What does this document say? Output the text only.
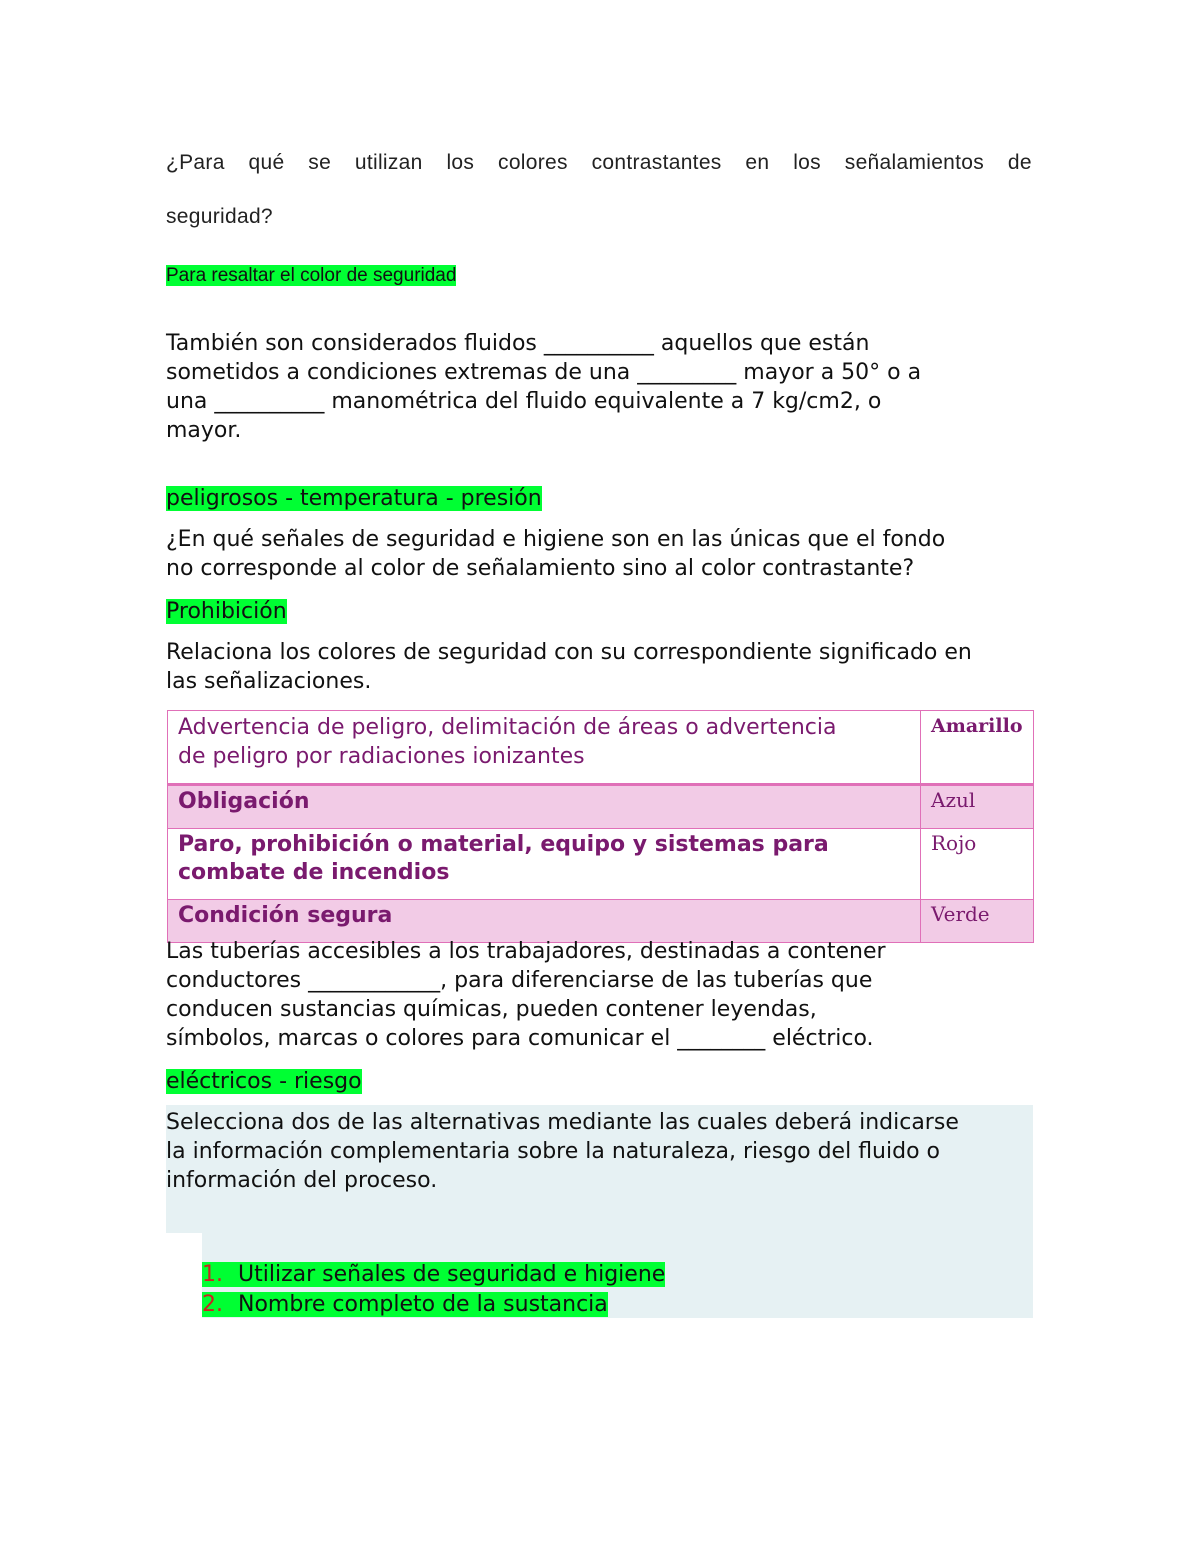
¿Para qué se utilizan los colores contrastantes en los señalamientos de
seguridad?
Para resaltar el color de seguridad
También son considerados fluidos __________ aquellos que están
sometidos a condiciones extremas de una _________ mayor a 50° o a
una __________ manométrica del fluido equivalente a 7 kg/cm2, o
mayor.
peligrosos - temperatura - presión
¿En qué señales de seguridad e higiene son en las únicas que el fondo
no corresponde al color de señalamiento sino al color contrastante?
Prohibición
Relaciona los colores de seguridad con su correspondiente significado en
las señalizaciones.
Advertencia de peligro, delimitación de áreas o advertencia
de peligro por radiaciones ionizantes	Amarillo
Obligación	Azul

Paro, prohibición o material, equipo y sistemas para
combate de incendios	Rojo
Condición segura	Verde
Las tuberías accesibles a los trabajadores, destinadas a contener
conductores ____________, para diferenciarse de las tuberías que
conducen sustancias químicas, pueden contener leyendas,
símbolos, marcas o colores para comunicar el ________ eléctrico.
eléctricos - riesgo
Selecciona dos de las alternativas mediante las cuales deberá indicarse
la información complementaria sobre la naturaleza, riesgo del fluido o
información del proceso.
1. Utilizar señales de seguridad e higiene
2. Nombre completo de la sustancia
